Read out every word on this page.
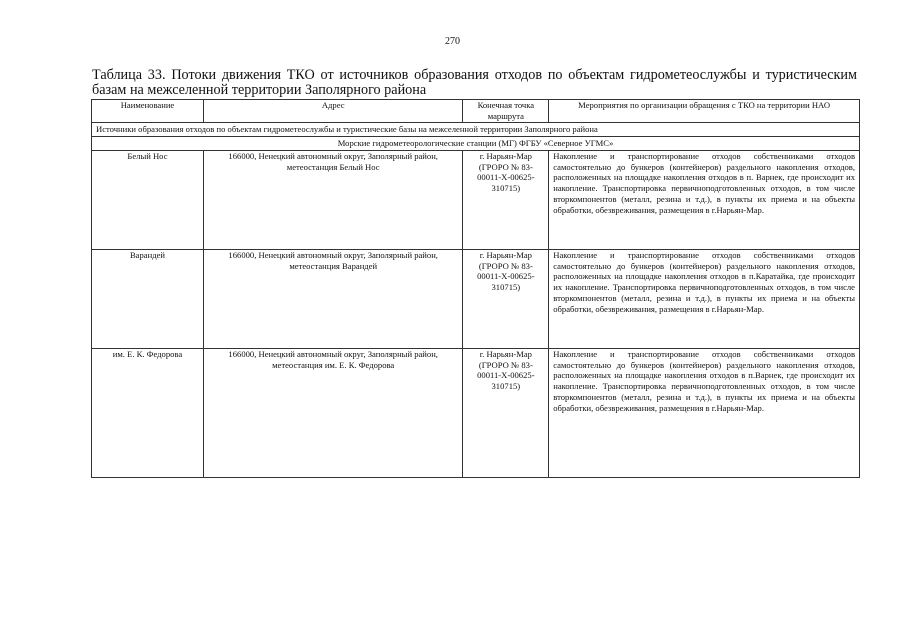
270
Таблица 33. Потоки движения ТКО от источников образования отходов по объектам гидрометеослужбы и туристическим базам на межселенной территории Заполярного района
Наименование	Адрес	Конечная точка маршрута	Мероприятия по организации обращения с ТКО на территории НАО
Источники образования отходов по объектам гидрометеослужбы и туристические базы на межселенной территории Заполярного района			
Морские гидрометеорологические станции (МГ) ФГБУ «Северное УГМС»			
Белый Нос	166000, Ненецкий автономный округ, Заполярный район, метеостанция Белый Нос	г. Нарьян-Мар (ГРОРО № 83-00011-Х-00625-310715)	Накопление и транспортирование отходов собственниками отходов самостоятельно до бункеров (контейнеров) раздельного накопления отходов, расположенных на площадке накопления отходов в п. Варнек, где происходит их накопление. Транспортировка первичноподготовленных отходов, в том числе вторкомпонентов (металл, резина и т.д.), в пункты их приема и на объекты обработки, обезвреживания, размещения в г.Нарьян-Мар.
Варандей	166000, Ненецкий автономный округ, Заполярный район, метеостанция Варандей	г. Нарьян-Мар (ГРОРО № 83-00011-Х-00625-310715)	Накопление и транспортирование отходов собственниками отходов самостоятельно до бункеров (контейнеров) раздельного накопления отходов, расположенных на площадке накопления отходов в п.Каратайка, где происходит их накопление. Транспортировка первичноподготовленных отходов, в том числе вторкомпонентов (металл, резина и т.д.), в пункты их приема и на объекты обработки, обезвреживания, размещения в г.Нарьян-Мар.
им. Е. К. Федорова	166000, Ненецкий автономный округ, Заполярный район, метеостанция им. Е. К. Федорова	г. Нарьян-Мар (ГРОРО № 83-00011-Х-00625-310715)	Накопление и транспортирование отходов собственниками отходов самостоятельно до бункеров (контейнеров) раздельного накопления отходов, расположенных на площадке накопления отходов в п.Варнек, где происходит их накопление. Транспортировка первичноподготовленных отходов, в том числе вторкомпонентов (металл, резина и т.д.), в пункты их приема и на объекты обработки, обезвреживания, размещения в г.Нарьян-Мар.
